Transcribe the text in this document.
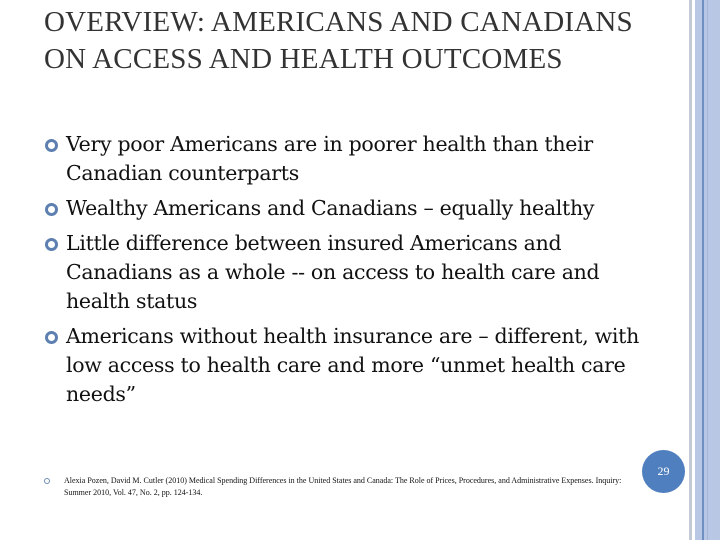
OVERVIEW: AMERICANS AND CANADIANS ON ACCESS AND HEALTH OUTCOMES
Very poor Americans are in poorer health than their Canadian counterparts
Wealthy Americans and Canadians – equally healthy
Little difference between insured Americans and Canadians as a whole -- on access to health care and health status
Americans without health insurance are – different, with low access to health care and more “unmet health care needs”
Alexia Pozen, David M. Cutler (2010) Medical Spending Differences in the United States and Canada: The Role of Prices, Procedures, and Administrative Expenses. Inquiry: Summer 2010, Vol. 47, No. 2, pp. 124-134.
29
